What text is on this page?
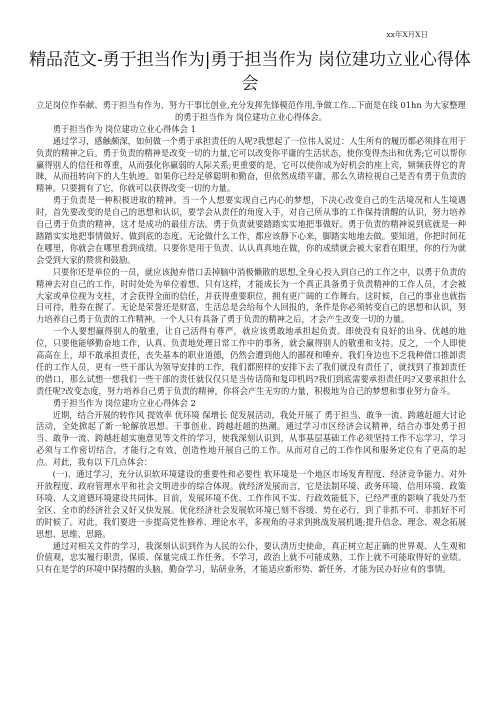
xx年X月X日
精品范文-勇于担当作为|勇于担当作为 岗位建功立业心得体会

立足岗位作奉献、勇于担当有作为、努力干事比创业,充分发挥先锋模范作用,争做工作...下面是在线 01hn 为大家整理的勇于担当作为 岗位建功立业心得体会。

勇于担当作为 岗位建功立业心得体会 1

通过学习，感触颇深，如何做一个勇于承担责任的人呢?我想起了一位伟人说过：人生所有的履历都必须排在用于负责的精神之后。勇于负责的精神是改变一切的力量,它可以改变你平庸的生活状态，使你变得杰出和优秀;它可以帮你赢得别人的信任和尊重，从而强化你羸弱的人际关系;更重要的是，它可以使你成为好机会的座上宾，频频获得它的青睐，从而扭转向下的人生轨迹。如果你已经足够聪明和勤奋，但依然成绩平庸，那么久请检视自己是否有勇于负责的精神。只要拥有了它，你就可以获得改变一切的力量。

勇于负责是一种积极进取的精神。当一个人想要实现自己内心的梦想，下决心改变自己的生活境况和人生境遇时，首先要改变的是自己的思想和认识，要学会从责任的角度入手，对自己所从事的工作保持清醒的认识，努力培养自己勇于负责的精神，这才是成功的最佳方法。勇于负责就要踏踏实实地把事做好。勇于负责的精神说到底就是一种踏踏实实地把事情做好、做到底的态度。无论做什么工作，都应该静下心来，脚踏实地地去做。要知道，你把时间花在哪里，你就会在哪里看到成绩。只要你是用于负责、认认真真地在做，你的成绩就会被大家看在眼里，你的行为就会受到大家的赞赏和鼓励。

只要你还是单位的一员，就应该抛弃借口丢掉脑中消极懒散的思想,全身心投入到自己的工作之中，以勇于负责的精神去对自己的工作，时时处处为单位着想。只有这样，才能成长为一个真正具备勇于负责精神的工作人员，才会被大家或单位视为支柱，才会获得全面的信任，并获得重要职位，拥有更广阔的工作舞台。这时候，自己的事业也就指日可待，胜券在握了。无论是荣誉还是财富，生活总是会给每个人回报的，条件是你必须转变自己的思想和认识，努力培养自己勇于负责的工作精神。一个人只有具备了勇于负责的精神之后，才会产生改变一切的力量。

一个人要想赢得别人的敬重，让自己活得有尊严，就应该勇敢地承担起负责。即使没有良好的出身、优越的地位，只要他能够勤奋地工作，认真、负责地处理日常工作中的事务，就会赢得别人的敬重和支持。反之，一个人即使高高在上，却不敢承担责任，丧失基本的职业道德，仍然会遭到他人的鄙视和唾弃。我们身边也不乏我种借口推卸责任的工作人员，更有一些干部认为领导安排的工作，我们都照样的安排下去了我们就没有责任了，就找到了推卸责任的借口，那么试想一想我们一些干部的责任就仅仅只是当传话筒和复印机吗?我们到底需要承担责任吗?又要承担什么责任呢?改变态度，努力培养自己勇于负责的精神，你将会产生无穷的力量，积极地为自己的梦想和事业努力奋斗。

勇于担当作为 岗位建功立业心得体会 2

近期，结合开展的转作风 提效率 优环境 保增长 促发展活动，我处开展了 勇于担当、敢争一流、跨越赶超大讨论活动，全处掀起了新一轮解放思想、干事创业、跨越赶超的热潮。通过学习市区经济会议精神，结合办事处勇于担当、敢争一流、跨越赶超实施意见等文件的学习，使我深刻认识到，从事基层基础工作必须坚持工作不忘学习，学习必须与工作密切结合，才能行之有效，创造性地开展自己的工作。从而对自己的工作作风和服务定位有了更高的起点。对此，我有以下几点体会：

(一)、通过学习，充分认识软环境建设的重要性和必要性 软环境是一个地区市场发育程度、经济竞争能力、对外开放程度、政府管理水平和社会文明进步的综合体现。就经济发展而言，它是法制环境、政务环境、信用环境、政策环境、人文道德环境建设共同体。目前，发展环境不优、工作作风不实、行政效能低下，已经严重的影响了我处乃至全区、全市的经济社会又好又快发展。优化经济社会发展软环境已刻不容缓、势在必行，到了非抓不可、非抓好不可的时候了。对此，我们要进一步提高党性修养、理论水平，多视角的寻求到挑战发展机遇;提升信念、理念、观念拓展思想、思维、思路。

通过对相关文件的学习，我深刻认识到作为人民的公仆，要认清历史使命，真正树立起正确的世界观、人生观和价值观，忠实履行职责，保质、保量完成工作任务。不学习，政治上就不可能成熟，工作上就不可能取得好的业绩。只有在是学的环境中保持醒的头脑，勤奋学习，钻研业务，才能适应新形势、新任务、才能为民办好应有的事情。
